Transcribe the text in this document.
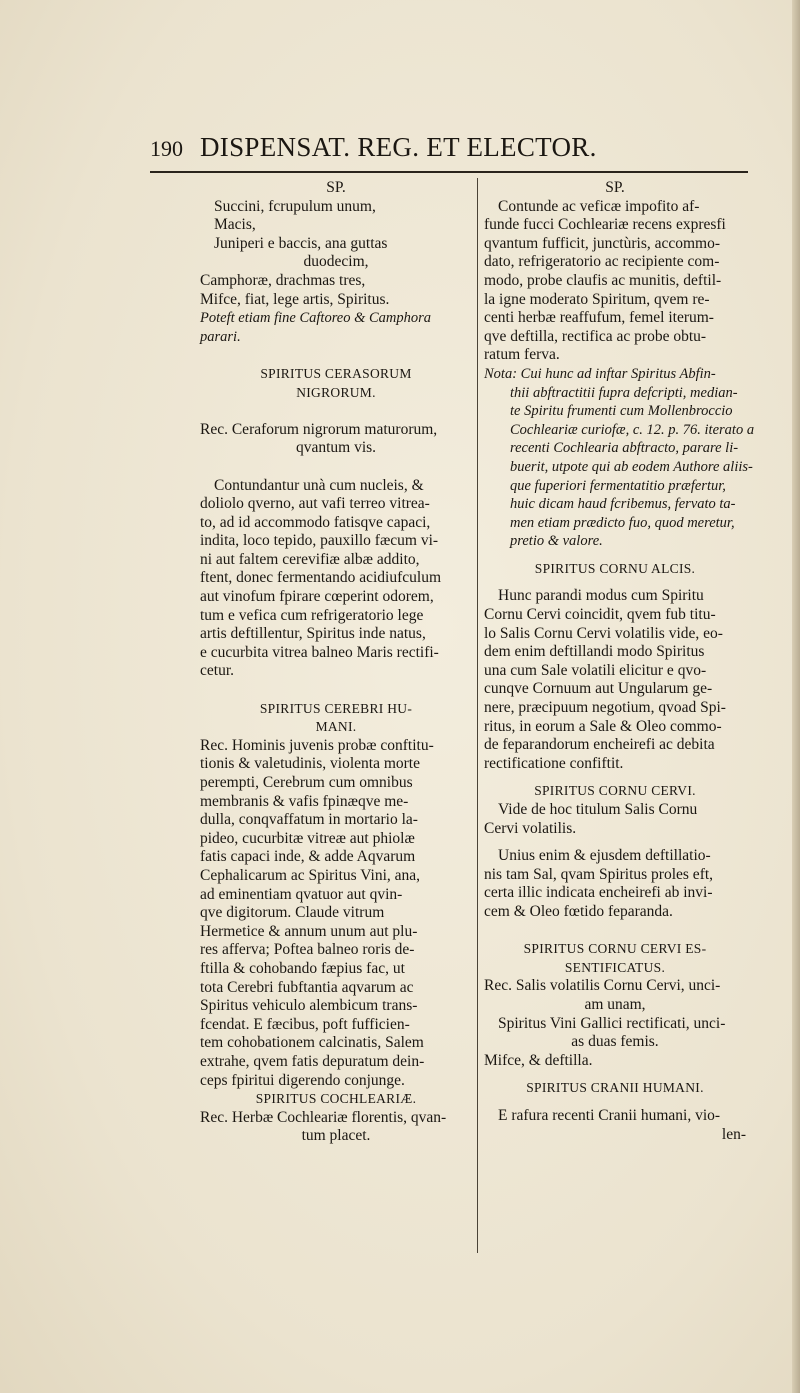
190 DISPENSAT. REG. ET ELECTOR.
SP.
Succini, fcrupulum unum,
Macis,
Juniperi e baccis, ana guttas
duodecim,
Camphoræ, drachmas tres,
Mifce, fiat, lege artis, Spiritus.
Poteft etiam fine Caftoreo & Camphora
parari.
SPIRITUS CERASORUM
NIGRORUM.
Rec. Ceraforum nigrorum maturorum,
qvantum vis.
Contundantur unà cum nucleis, &
doliolo qverno, aut vafi terreo vitrea-
to, ad id accommodo fatisqve capaci,
indita, loco tepido, pauxillo fæcum vi-
ni aut faltem cerevifiæ albæ addito,
ftent, donec fermentando acidiufculum
aut vinofum fpirare cœperint odorem,
tum e vefica cum refrigeratorio lege
artis deftillentur, Spiritus inde natus,
e cucurbita vitrea balneo Maris rectifi-
cetur.
SPIRITUS CEREBRI HU-
MANI.
Rec. Hominis juvenis probæ conftitu-
tionis & valetudinis, violenta morte
perempti, Cerebrum cum omnibus
membranis & vafis fpinæqve me-
dulla, conqvaffatum in mortario la-
pideo, cucurbitæ vitreæ aut phiolæ
fatis capaci inde, & adde Aqvarum
Cephalicarum ac Spiritus Vini, ana,
ad eminentiam qvatuor aut qvin-
qve digitorum. Claude vitrum
Hermetice & annum unum aut plu-
res afferva; Poftea balneo roris de-
ftilla & cohobando fæpius fac, ut
tota Cerebri fubftantia aqvarum ac
Spiritus vehiculo alembicum trans-
fcendat. E fæcibus, poft fufficien-
tem cohobationem calcinatis, Salem
extrahe, qvem fatis depuratum dein-
ceps fpiritui digerendo conjunge.
SPIRITUS COCHLEARIÆ.
Rec. Herbæ Cochleariæ florentis, qvan-
tum placet.
SP.
Contunde ac veficæ impofito af-
funde fucci Cochleariæ recens expresfi
qvantum fufficit, junctùris, accommo-
dato, refrigeratorio ac recipiente com-
modo, probe claufis ac munitis, deftil-
la igne moderato Spiritum, qvem re-
centi herbæ reaffufum, femel iterum-
qve deftilla, rectifica ac probe obtu-
ratum ferva.
Nota: Cui hunc ad inftar Spiritus Abfin-
thii abftractitii fupra defcripti, median-
te Spiritu frumenti cum Mollenbroccio
Cochleariæ curiofæ, c. 12. p. 76. iterato a
recenti Cochlearia abftracto, parare li-
buerit, utpote qui ab eodem Authore aliis-
que fuperiori fermentatitio præfertur,
huic dicam haud fcribemus, fervato ta-
men etiam prædicto fuo, quod meretur,
pretio & valore.
SPIRITUS CORNU ALCIS.
Hunc parandi modus cum Spiritu
Cornu Cervi coincidit, qvem fub titu-
lo Salis Cornu Cervi volatilis vide, eo-
dem enim deftillandi modo Spiritus
una cum Sale volatili elicitur e qvo-
cunqve Cornuum aut Ungularum ge-
nere, præcipuum negotium, qvoad Spi-
ritus, in eorum a Sale & Oleo commo-
de feparandorum encheirefi ac debita
rectificatione confiftit.
SPIRITUS CORNU CERVI.
Vide de hoc titulum Salis Cornu
Cervi volatilis.
Unius enim & ejusdem deftillatio-
nis tam Sal, qvam Spiritus proles eft,
certa illic indicata encheirefi ab invi-
cem & Oleo fœtido feparanda.
SPIRITUS CORNU CERVI ES-
SENTIFICATUS.
Rec. Salis volatilis Cornu Cervi, unci-
am unam,
Spiritus Vini Gallici rectificati, unci-
as duas femis.
Mifce, & deftilla.
SPIRITUS CRANII HUMANI.
E rafura recenti Cranii humani, vio-
len-
